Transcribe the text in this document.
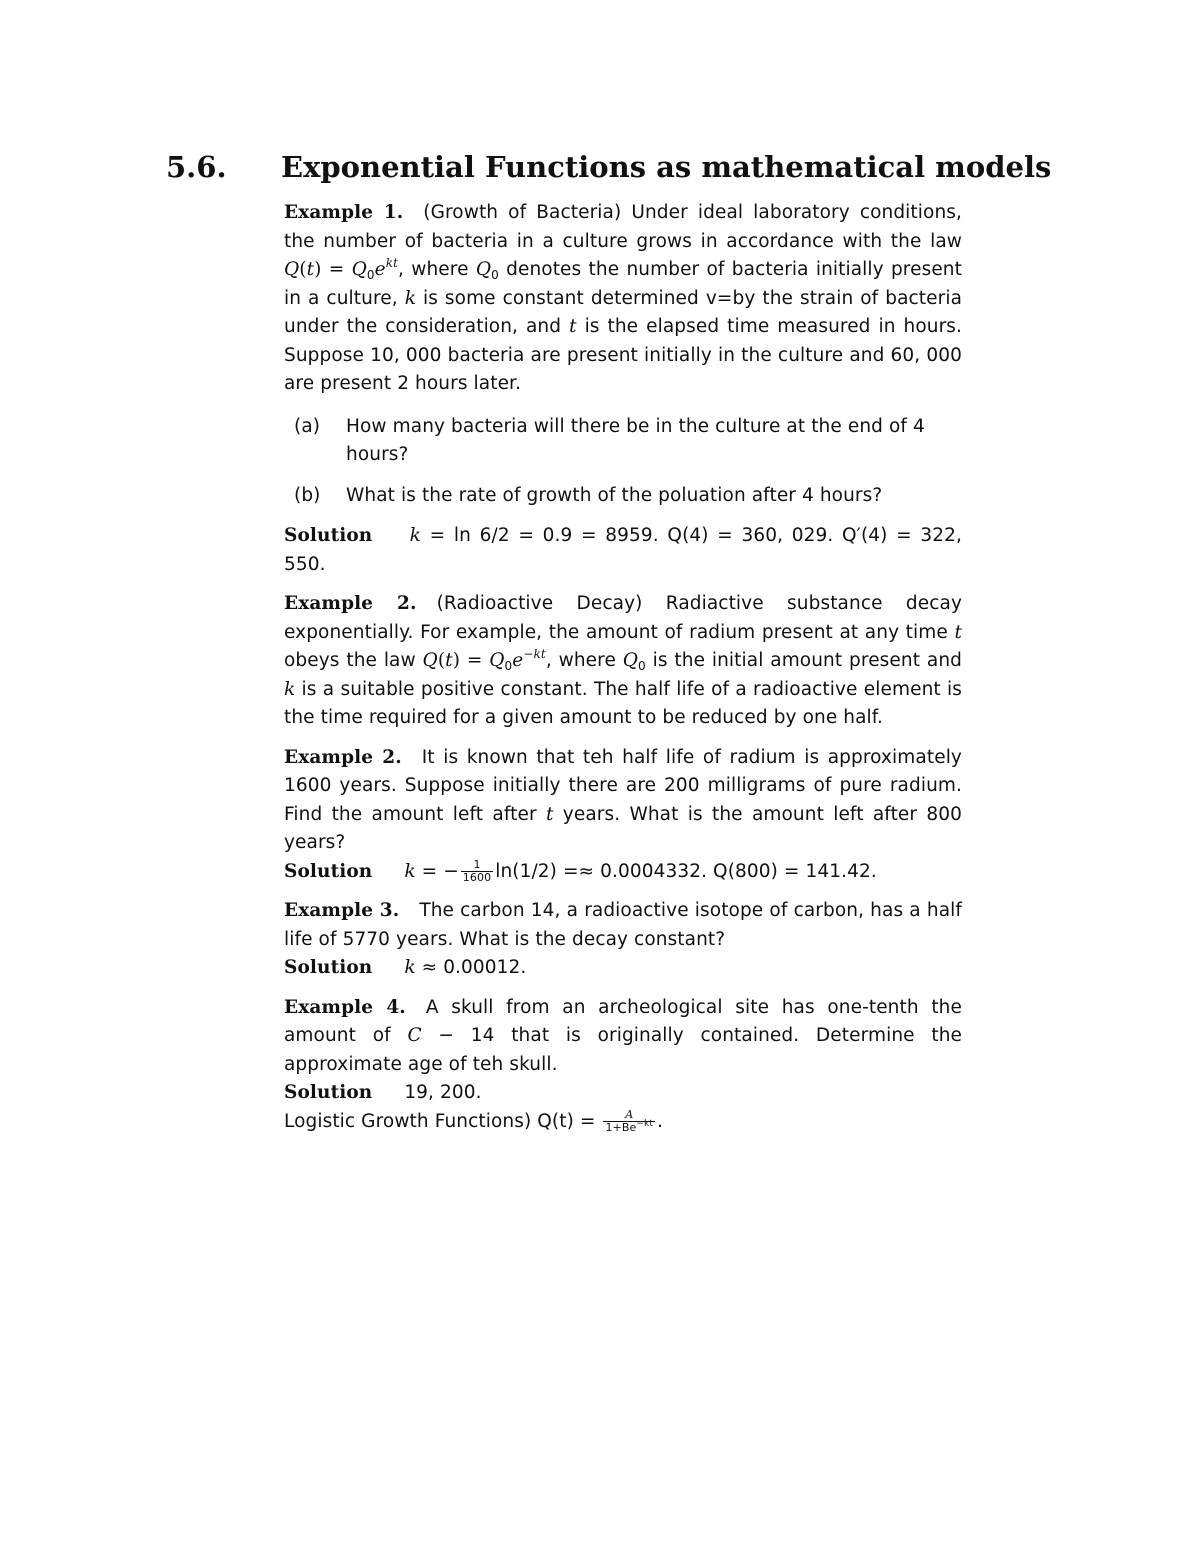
5.6. Exponential Functions as mathematical models

Example 1. (Growth of Bacteria) Under ideal laboratory conditions, the number of bacteria in a culture grows in accordance with the law $Q(t) = Q_0e^{kt}$, where $Q_0$ denotes the number of bacteria initially present in a culture, k is some constant determined v=by the strain of bacteria under the consideration, and t is the elapsed time measured in hours. Suppose 10, 000 bacteria are present initially in the culture and 60, 000 are present 2 hours later.

(a)	How many bacteria will there be in the culture at the end of 4 hours?
(b)	What is the rate of growth of the poluation after 4 hours?

Solution k = ln 6/2 = 0.9 = 8959. Q(4) = 360, 029. Q′(4) = 322, 550.

Example 2. (Radioactive Decay) Radiactive substance decay exponentially. For example, the amount of radium present at any time t obeys the law $Q(t) = Q_0e^{-kt}$, where $Q_0$ is the initial amount present and k is a suitable positive constant. The half life of a radioactive element is the time required for a given amount to be reduced by one half.

Example 2. It is known that teh half life of radium is approximately 1600 years. Suppose initially there are 200 milligrams of pure radium. Find the amount left after t years. What is the amount left after 800 years?

Solution k = − $\frac{1}{1600} \ln(1/2) =\approx 0.0004332$. Q(800) = 141.42.

Example 3. The carbon 14, a radioactive isotope of carbon, has a half life of 5770 years. What is the decay constant?

Solution k ≈ 0.00012.

Example 4. A skull from an archeological site has one-tenth the amount of C − 14 that is originally contained. Determine the approximate age of teh skull.

Solution 19, 200.

Logistic Growth Functions) $Q(t) = \frac{A}{1+Be^{-kt}}$ .
